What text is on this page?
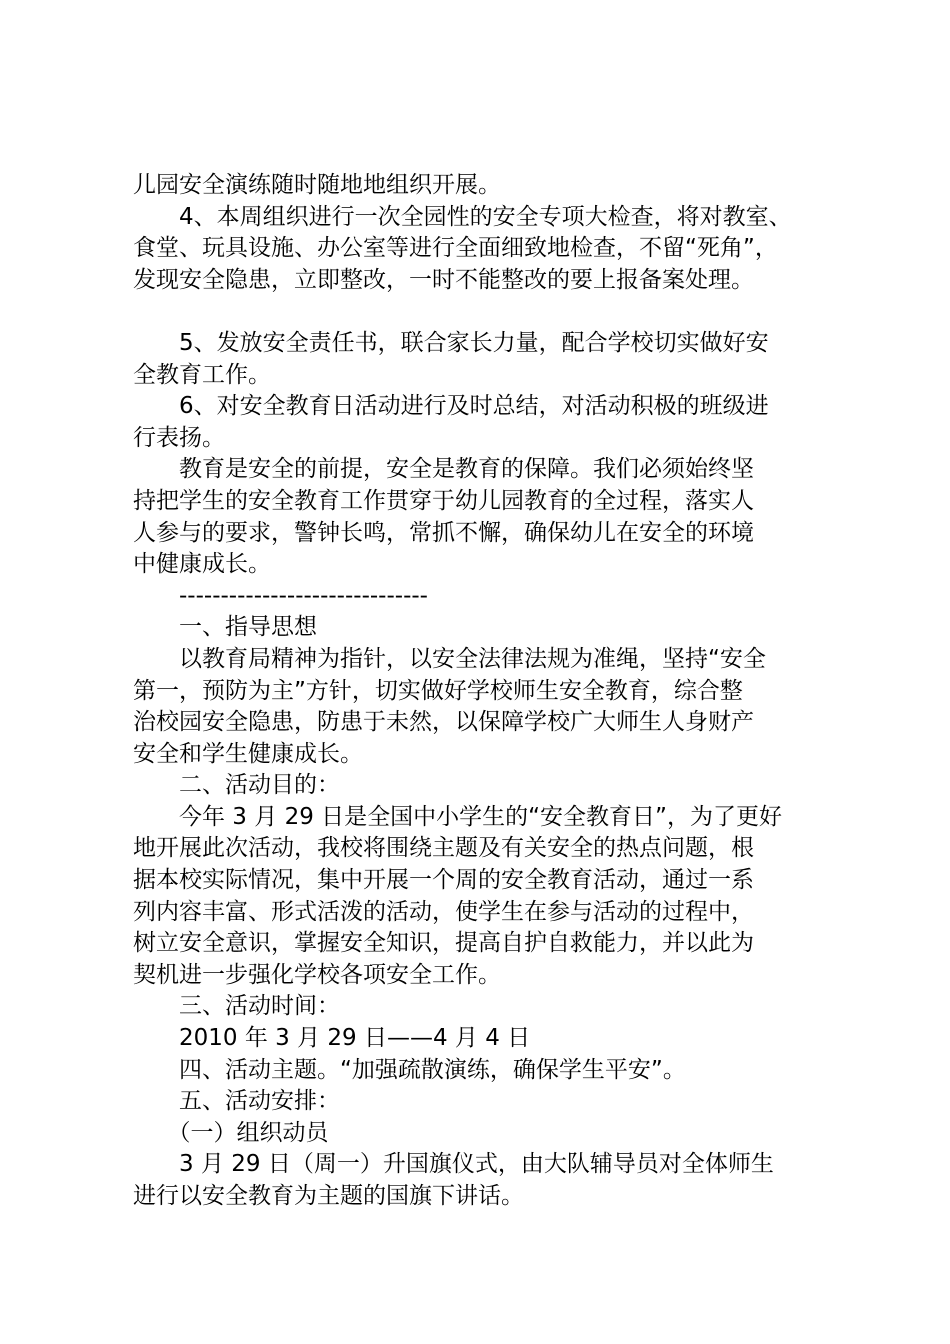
儿园安全演练随时随地地组织开展。
　　4、本周组织进行一次全园性的安全专项大检查，将对教室、
食堂、玩具设施、办公室等进行全面细致地检查，不留“死角”，
发现安全隐患，立即整改，一时不能整改的要上报备案处理。
　　5、发放安全责任书，联合家长力量，配合学校切实做好安
全教育工作。
　　6、对安全教育日活动进行及时总结，对活动积极的班级进
行表扬。
　　教育是安全的前提，安全是教育的保障。我们必须始终坚
持把学生的安全教育工作贯穿于幼儿园教育的全过程，落实人
人参与的要求，警钟长鸣，常抓不懈，确保幼儿在安全的环境
中健康成长。
　　------------------------------
　　一、指导思想
　　以教育局精神为指针，以安全法律法规为准绳，坚持“安全
第一，预防为主”方针，切实做好学校师生安全教育，综合整
治校园安全隐患，防患于未然，以保障学校广大师生人身财产
安全和学生健康成长。
　　二、活动目的：
　　今年 3 月 29 日是全国中小学生的“安全教育日”，为了更好
地开展此次活动，我校将围绕主题及有关安全的热点问题，根
据本校实际情况，集中开展一个周的安全教育活动，通过一系
列内容丰富、形式活泼的活动，使学生在参与活动的过程中，
树立安全意识，掌握安全知识，提高自护自救能力，并以此为
契机进一步强化学校各项安全工作。
　　三、活动时间：
　　2010 年 3 月 29 日——4 月 4 日
　　四、活动主题。“加强疏散演练，确保学生平安”。
　　五、活动安排：
　　（一）组织动员
　　3 月 29 日（周一）升国旗仪式，由大队辅导员对全体师生
进行以安全教育为主题的国旗下讲话。
